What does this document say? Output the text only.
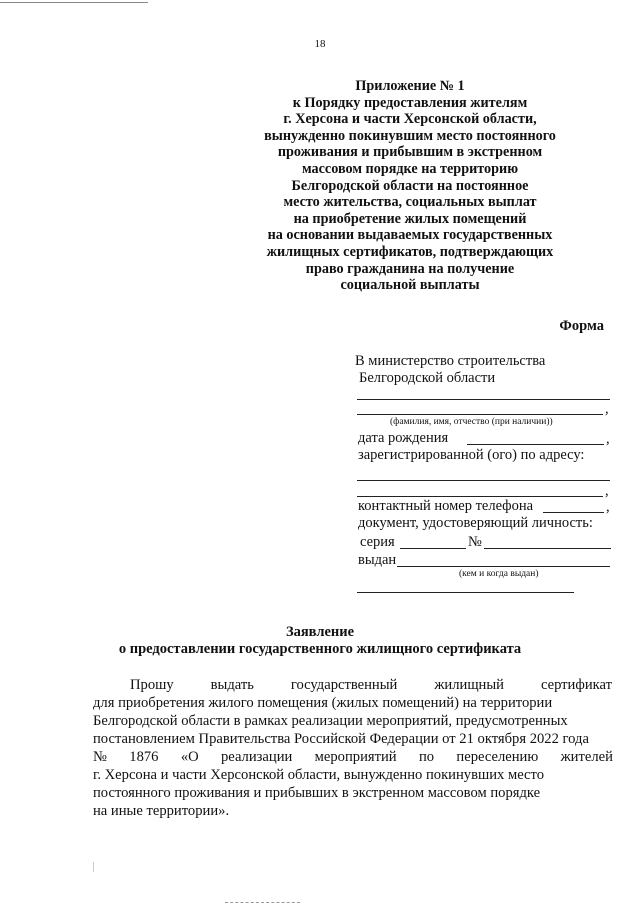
18
Приложение № 1
к Порядку предоставления жителям
г. Херсона и части Херсонской области,
вынужденно покинувшим место постоянного
проживания и прибывшим в экстренном
массовом порядке на территорию
Белгородской области на постоянное
место жительства, социальных выплат
на приобретение жилых помещений
на основании выдаваемых государственных
жилищных сертификатов, подтверждающих
право гражданина на получение
социальной выплаты
Форма
В министерство строительства
Белгородской области
,
(фамилия, имя, отчество (при наличии))
дата рождения	,
зарегистрированной (ого) по адресу:
,
контактный номер телефона	,
документ, удостоверяющий личность:
серия	№
выдан
(кем и когда выдан)
Заявление
о предоставлении государственного жилищного сертификата
Прошу	выдать	государственный	жилищный	сертификат
для приобретения жилого помещения (жилых помещений) на территории
Белгородской области в рамках реализации мероприятий, предусмотренных
постановлением Правительства Российской Федерации от 21 октября 2022 года
№ 1876 «О реализации мероприятий по переселению жителей
г. Херсона и части Херсонской области, вынужденно покинувших место
постоянного проживания и прибывших в экстренном массовом порядке
на иные территории».
